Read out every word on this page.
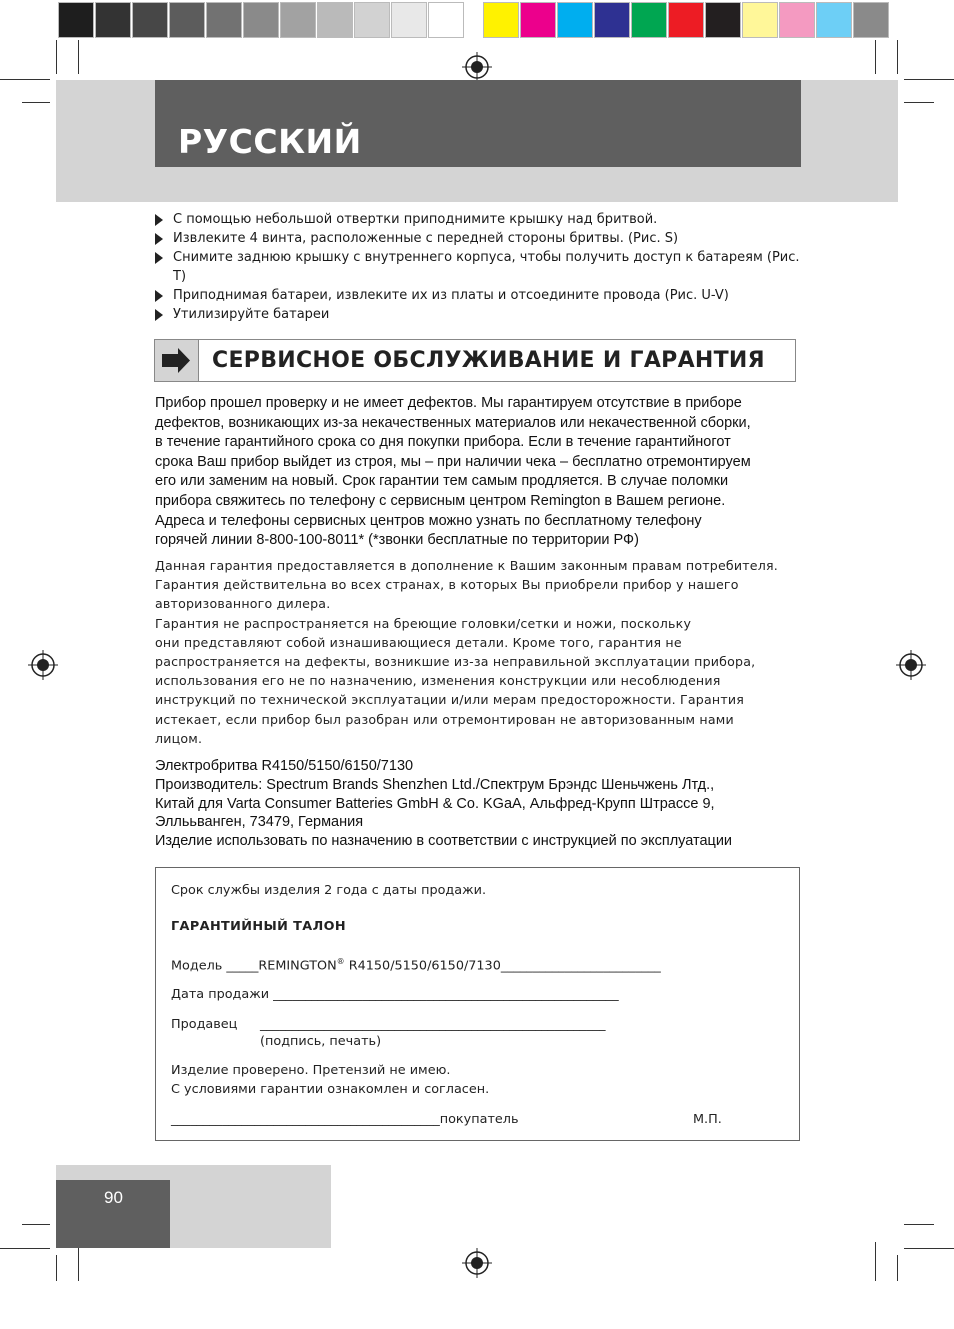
РУССКИЙ
С помощью небольшой отвертки приподнимите крышку над бритвой.
Извлеките 4 винта, расположенные с передней стороны бритвы. (Рис. S)
Снимите заднюю крышку с внутреннего корпуса, чтобы получить доступ к батареям (Рис.
T)
Приподнимая батареи, извлеките их из платы и отсоедините провода (Рис. U-V)
Утилизируйте батареи
СЕРВИСНОЕ ОБСЛУЖИВАНИЕ И ГАРАНТИЯ
Прибор прошел проверку и не имеет дефектов. Мы гарантируем отсутствие в приборе
дефектов, возникающих из-за некачественных материалов или некачественной сборки,
в течение гарантийного срока со дня покупки прибора. Если в течение гарантийногот
срока Ваш прибор выйдет из строя, мы – при наличии чека – бесплатно отремонтируем
его или заменим на новый. Срок гарантии тем самым продляется. В случае поломки
прибора свяжитесь по телефону с сервисным центром Remington в Вашем регионе.
Адреса и телефоны сервисных центров можно узнать по бесплатному телефону
горячей линии 8-800-100-8011* (*звонки бесплатные по территории РФ)
Данная гарантия предоставляется в дополнение к Вашим законным правам потребителя.
Гарантия действительна во всех странах, в которых Вы приобрели прибор у нашего
авторизованного дилера.
Гарантия не распространяется на бреющие головки/сетки и ножи, поскольку
они представляют собой изнашивающиеся детали. Кроме того, гарантия не
распространяется на дефекты, возникшие из-за неправильной эксплуатации прибора,
использования его не по назначению, изменения конструкции или несоблюдения
инструкций по технической эксплуатации и/или мерам предосторожности. Гарантия
истекает, если прибор был разобран или отремонтирован не авторизованным нами
лицом.
Электробритва R4150/5150/6150/7130
Производитель: Spectrum Brands Shenzhen Ltd./Спектрум Брэндс Шеньчжень Лтд.,
Китай для Varta Consumer Batteries GmbH & Co. KGaA, Альфред-Крупп Штрассе 9,
Эллььванген, 73479, Германия
Изделие использовать по назначению в соответствии с инструкцией по эксплуатации
Срок службы изделия 2 года с даты продажи.
ГАРАНТИЙНЫЙ ТАЛОН
Модель _____REMINGTON® R4150/5150/6150/7130_________________________
Дата продажи ______________________________________________________
Продавец ______________________________________________________
(подпись, печать)
Изделие проверено. Претензий не имею.
С условиями гарантии ознакомлен и согласен.
__________________________________________покупатель	М.П.
90
